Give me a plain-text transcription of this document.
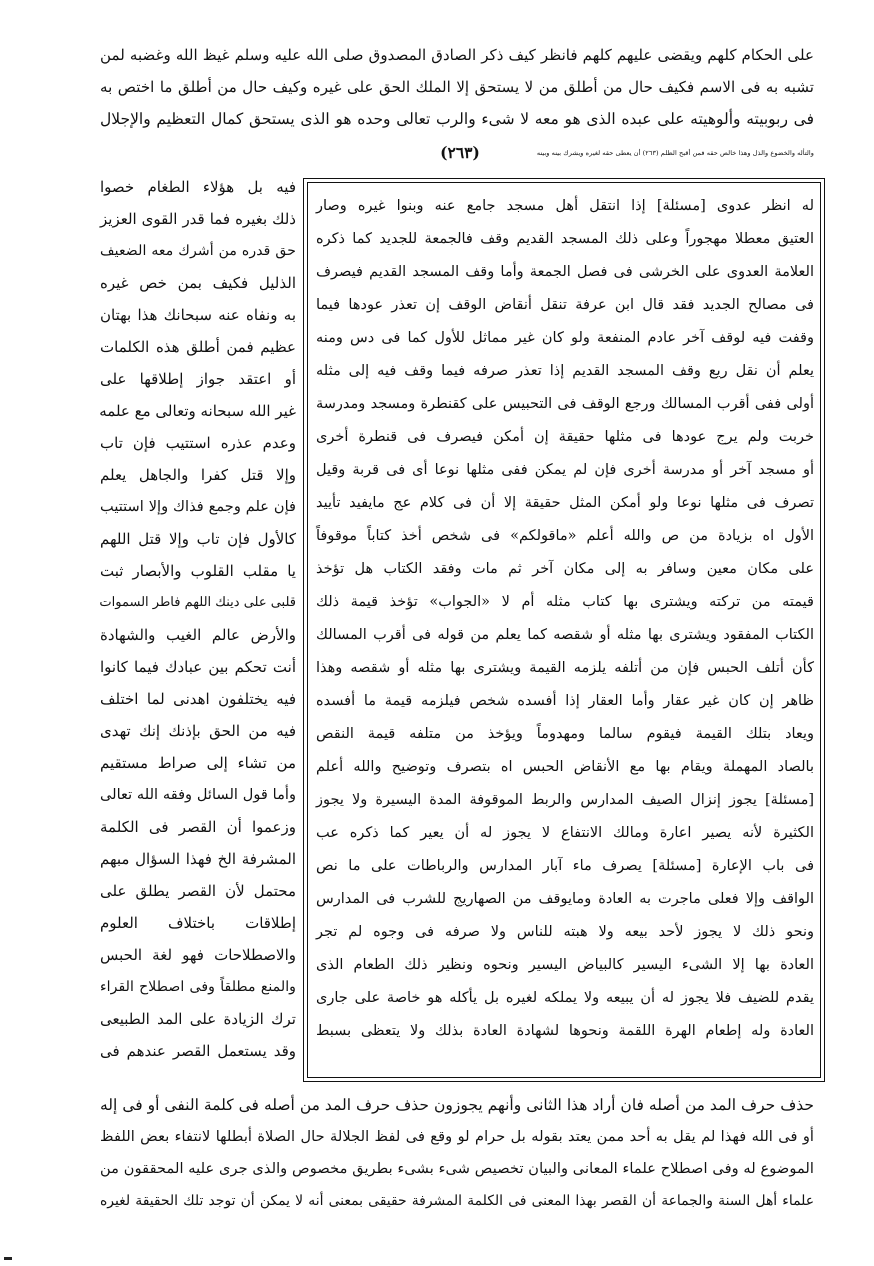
على الحكام كلهم ويقضى عليهم كلهم فانظر كيف ذكر الصادق المصدوق صلى الله عليه وسلم غيظ الله وغضبه لمن
تشبه به فى الاسم فكيف حال من أطلق من لا يستحق إلا الملك الحق على غيره وكيف حال من أطلق ما اختص به
فى ربوبيته وألوهيته على عبده الذى هو معه لا شىء والرب تعالى وحده هو الذى يستحق كمال التعظيم والإجلال
والتأله والخضوع والذل وهذا خالص حقه فمن أقبح الظلم (٢٦٣) أن يعطى حقه لغيره ويشرك بينه وبينه
(٢٦٣)
له انظر عدوى [مسئلة] إذا انتقل أهل مسجد جامع عنه وبنوا غيره وصار
العتيق معطلا مهجوراً وعلى ذلك المسجد القديم وقف فالجمعة للجديد كما ذكره
العلامة العدوى على الخرشى فى فصل الجمعة وأما وقف المسجد القديم فيصرف
فى مصالح الجديد فقد قال ابن عرفة تنقل أنقاض الوقف إن تعذر عودها فيما
وقفت فيه لوقف آخر عادم المنفعة ولو كان غير مماثل للأول كما فى دس ومنه
يعلم أن نقل ريع وقف المسجد القديم إذا تعذر صرفه فيما وقف فيه إلى مثله
أولى ففى أقرب المسالك ورجع الوقف فى التحبيس على كقنطرة ومسجد ومدرسة
خربت ولم يرج عودها فى مثلها حقيقة إن أمكن فيصرف فى قنطرة أخرى
أو مسجد آخر أو مدرسة أخرى فإن لم يمكن ففى مثلها نوعا أى فى قربة وقيل
تصرف فى مثلها نوعا ولو أمكن المثل حقيقة إلا أن فى كلام عج مايفيد تأييد
الأول اه بزيادة من ص والله أعلم «ماقولكم» فى شخص أخذ كتاباً موقوفاً
على مكان معين وسافر به إلى مكان آخر ثم مات وفقد الكتاب هل تؤخذ
قيمته من تركته ويشترى بها كتاب مثله أم لا «الجواب» تؤخذ قيمة ذلك
الكتاب المفقود ويشترى بها مثله أو شقصه كما يعلم من قوله فى أقرب المسالك
كأن أتلف الحبس فإن من أتلفه يلزمه القيمة ويشترى بها مثله أو شقصه وهذا
ظاهر إن كان غير عقار وأما العقار إذا أفسده شخص فيلزمه قيمة ما أفسده
ويعاد بتلك القيمة فيقوم سالما ومهدوماً ويؤخذ من متلفه قيمة النقص
بالصاد المهملة ويقام بها مع الأنقاض الحبس اه بتصرف وتوضيح والله أعلم
[مسئلة] يجوز إنزال الصيف المدارس والربط الموقوفة المدة اليسيرة ولا يجوز
الكثيرة لأنه يصير اعارة ومالك الانتفاع لا يجوز له أن يعير كما ذكره عب
فى باب الإعارة [مسئلة] يصرف ماء آبار المدارس والرباطات على ما نص
الواقف وإلا فعلى ماجرت به العادة ومايوقف من الصهاريج للشرب فى المدارس
ونحو ذلك لا يجوز لأحد بيعه ولا هبته للناس ولا صرفه فى وجوه لم تجر
العادة بها إلا الشىء اليسير كالبياض اليسير ونحوه ونظير ذلك الطعام الذى
يقدم للضيف فلا يجوز له أن يبيعه ولا يملكه لغيره بل يأكله هو خاصة على جارى
العادة وله إطعام الهرة اللقمة ونحوها لشهادة العادة بذلك ولا يتعظى بسبط
فيه بل هؤلاء الطغام خصوا
ذلك بغيره فما قدر القوى العزيز
حق قدره من أشرك معه الضعيف
الذليل فكيف بمن خص غيره
به ونفاه عنه سبحانك هذا بهتان
عظيم فمن أطلق هذه الكلمات
أو اعتقد جواز إطلاقها على
غير الله سبحانه وتعالى مع علمه
وعدم عذره استتيب فإن تاب
وإلا قتل كفرا والجاهل يعلم
فإن علم وجمع فذاك وإلا استتيب
كالأول فإن تاب وإلا قتل اللهم
يا مقلب القلوب والأبصار ثبت
قلبى على دينك اللهم فاطر السموات
والأرض عالم الغيب والشهادة
أنت تحكم بين عبادك فيما كانوا
فيه يختلفون اهدنى لما اختلف
فيه من الحق بإذنك إنك تهدى
من تشاء إلى صراط مستقيم
وأما قول السائل وفقه الله تعالى
وزعموا أن القصر فى الكلمة
المشرفة الخ فهذا السؤال مبهم
محتمل لأن القصر يطلق على
إطلاقات باختلاف العلوم
والاصطلاحات فهو لغة الحبس
والمنع مطلقاً وفى اصطلاح القراء
ترك الزيادة على المد الطبيعى
وقد يستعمل القصر عندهم فى
حذف حرف المد من أصله فان أراد هذا الثانى وأنهم يجوزون حذف حرف المد من أصله فى كلمة النفى أو فى إله
أو فى الله فهذا لم يقل به أحد ممن يعتد بقوله بل حرام لو وقع فى لفظ الجلالة حال الصلاة أبطلها لانتفاء بعض اللفظ
الموضوع له وفى اصطلاح علماء المعانى والبيان تخصيص شىء بشىء بطريق مخصوص والذى جرى عليه المحققون من
علماء أهل السنة والجماعة أن القصر بهذا المعنى فى الكلمة المشرفة حقيقى بمعنى أنه لا يمكن أن توجد تلك الحقيقة لغيره
